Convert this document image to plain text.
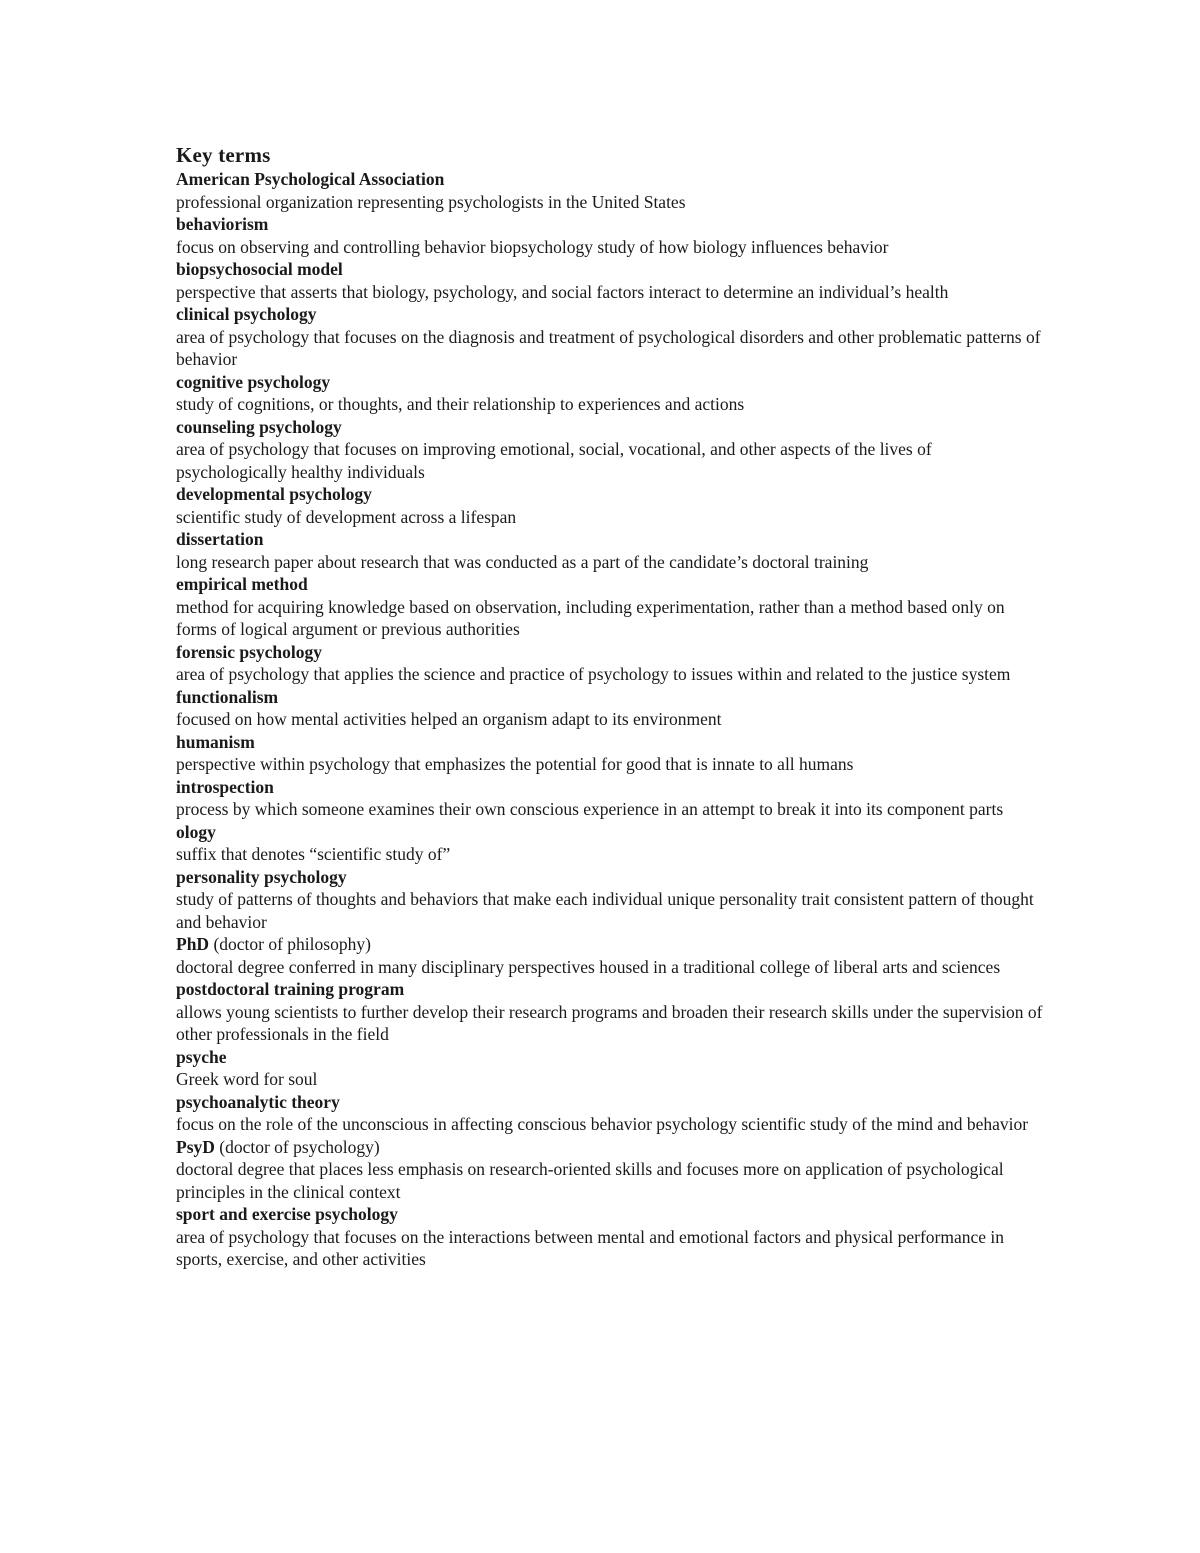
Key terms
American Psychological Association
professional organization representing psychologists in the United States
behaviorism
focus on observing and controlling behavior biopsychology study of how biology influences behavior
biopsychosocial model
perspective that asserts that biology, psychology, and social factors interact to determine an individual’s health
clinical psychology
area of psychology that focuses on the diagnosis and treatment of psychological disorders and other problematic patterns of behavior
cognitive psychology
study of cognitions, or thoughts, and their relationship to experiences and actions
counseling psychology
area of psychology that focuses on improving emotional, social, vocational, and other aspects of the lives of psychologically healthy individuals
developmental psychology
scientific study of development across a lifespan
dissertation
long research paper about research that was conducted as a part of the candidate’s doctoral training
empirical method
method for acquiring knowledge based on observation, including experimentation, rather than a method based only on forms of logical argument or previous authorities
forensic psychology
area of psychology that applies the science and practice of psychology to issues within and related to the justice system
functionalism
focused on how mental activities helped an organism adapt to its environment
humanism
perspective within psychology that emphasizes the potential for good that is innate to all humans
introspection
process by which someone examines their own conscious experience in an attempt to break it into its component parts
ology
suffix that denotes “scientific study of”
personality psychology
study of patterns of thoughts and behaviors that make each individual unique personality trait consistent pattern of thought and behavior
PhD (doctor of philosophy)
doctoral degree conferred in many disciplinary perspectives housed in a traditional college of liberal arts and sciences
postdoctoral training program
allows young scientists to further develop their research programs and broaden their research skills under the supervision of other professionals in the field
psyche
Greek word for soul
psychoanalytic theory
focus on the role of the unconscious in affecting conscious behavior psychology scientific study of the mind and behavior
PsyD (doctor of psychology)
doctoral degree that places less emphasis on research-oriented skills and focuses more on application of psychological principles in the clinical context
sport and exercise psychology
area of psychology that focuses on the interactions between mental and emotional factors and physical performance in sports, exercise, and other activities
